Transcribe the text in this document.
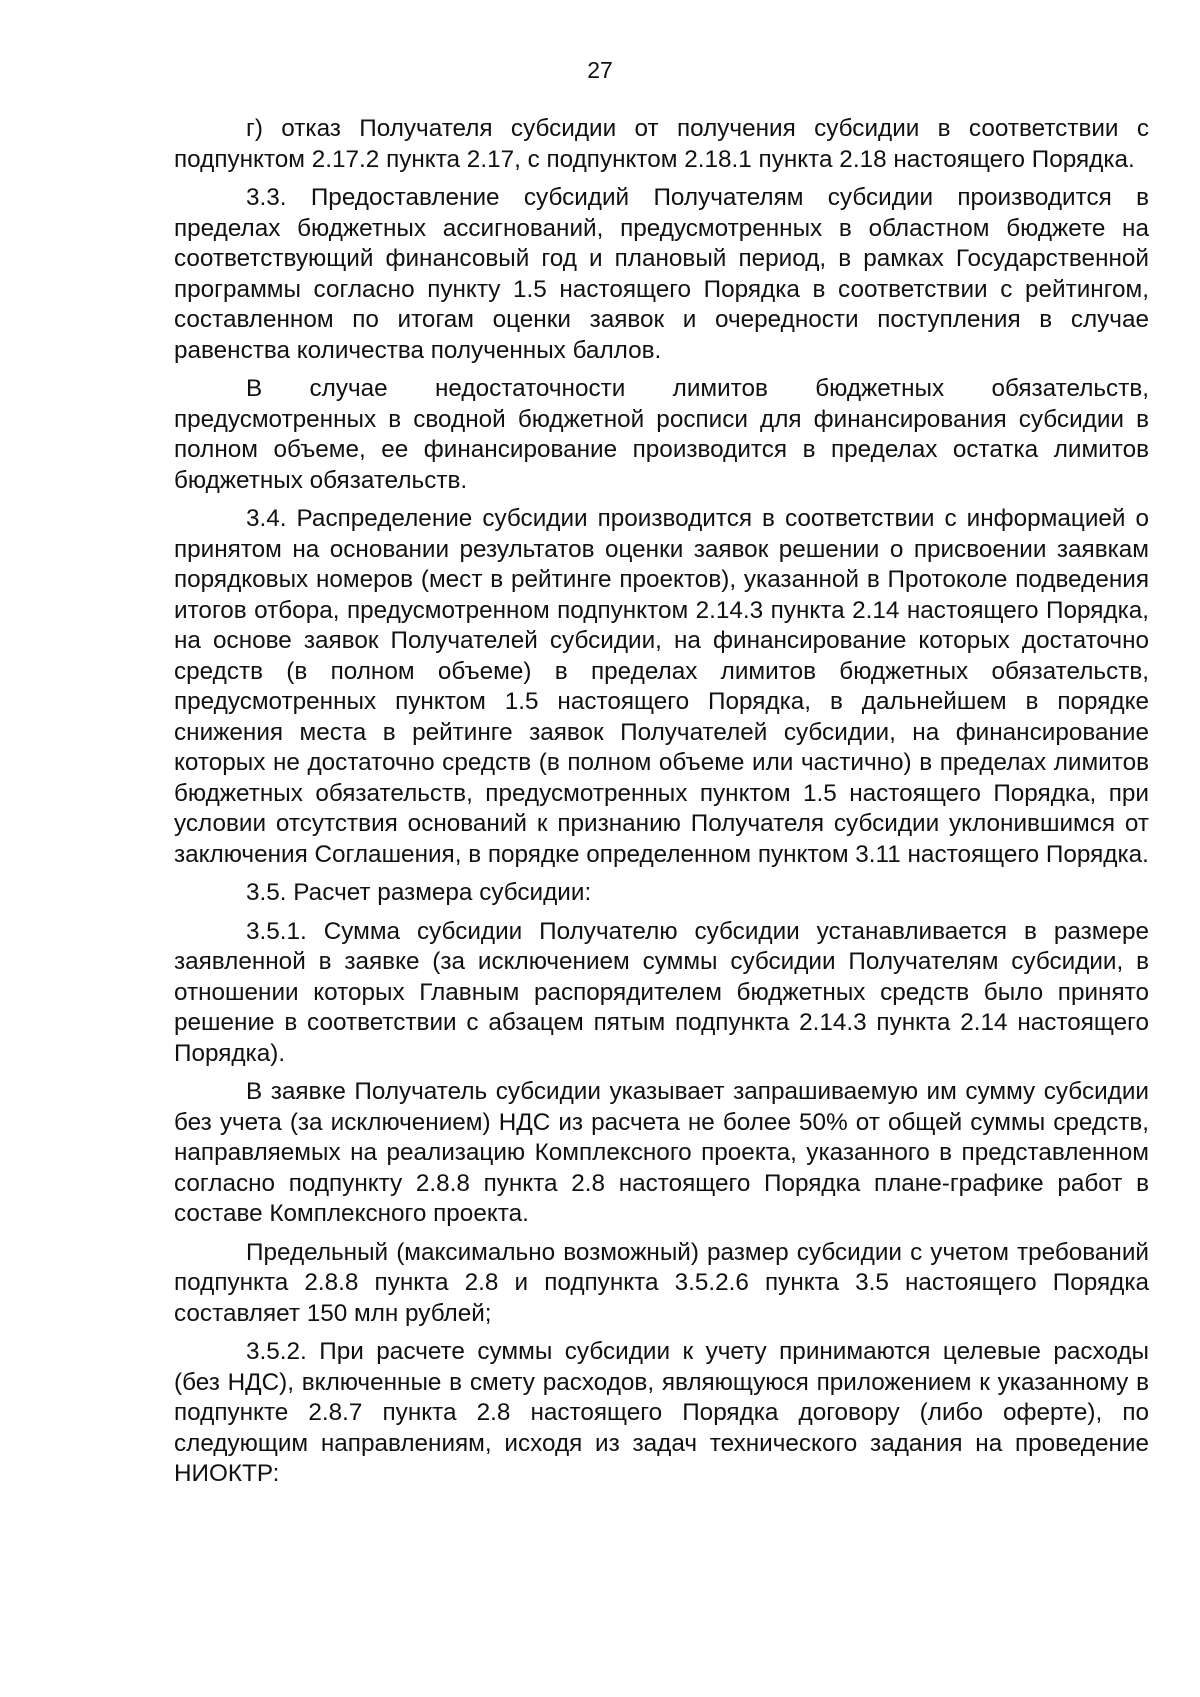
27

г) отказ Получателя субсидии от получения субсидии в соответствии с подпунктом 2.17.2 пункта 2.17, с подпунктом 2.18.1 пункта 2.18 настоящего Порядка.

3.3. Предоставление субсидий Получателям субсидии производится в пределах бюджетных ассигнований, предусмотренных в областном бюджете на соответствующий финансовый год и плановый период, в рамках Государственной программы согласно пункту 1.5 настоящего Порядка в соответствии с рейтингом, составленном по итогам оценки заявок и очередности поступления в случае равенства количества полученных баллов.

В случае недостаточности лимитов бюджетных обязательств, предусмотренных в сводной бюджетной росписи для финансирования субсидии в полном объеме, ее финансирование производится в пределах остатка лимитов бюджетных обязательств.

3.4. Распределение субсидии производится в соответствии с информацией о принятом на основании результатов оценки заявок решении о присвоении заявкам порядковых номеров (мест в рейтинге проектов), указанной в Протоколе подведения итогов отбора, предусмотренном подпунктом 2.14.3 пункта 2.14 настоящего Порядка, на основе заявок Получателей субсидии, на финансирование которых достаточно средств (в полном объеме) в пределах лимитов бюджетных обязательств, предусмотренных пунктом 1.5 настоящего Порядка, в дальнейшем в порядке снижения места в рейтинге заявок Получателей субсидии, на финансирование которых не достаточно средств (в полном объеме или частично) в пределах лимитов бюджетных обязательств, предусмотренных пунктом 1.5 настоящего Порядка, при условии отсутствия оснований к признанию Получателя субсидии уклонившимся от заключения Соглашения, в порядке определенном пунктом 3.11 настоящего Порядка.

3.5. Расчет размера субсидии:

3.5.1. Сумма субсидии Получателю субсидии устанавливается в размере заявленной в заявке (за исключением суммы субсидии Получателям субсидии, в отношении которых Главным распорядителем бюджетных средств было принято решение в соответствии с абзацем пятым подпункта 2.14.3 пункта 2.14 настоящего Порядка).

В заявке Получатель субсидии указывает запрашиваемую им сумму субсидии без учета (за исключением) НДС из расчета не более 50% от общей суммы средств, направляемых на реализацию Комплексного проекта, указанного в представленном согласно подпункту 2.8.8 пункта 2.8 настоящего Порядка плане-графике работ в составе Комплексного проекта.

Предельный (максимально возможный) размер субсидии с учетом требований подпункта 2.8.8 пункта 2.8 и подпункта 3.5.2.6 пункта 3.5 настоящего Порядка составляет 150 млн рублей;

3.5.2. При расчете суммы субсидии к учету принимаются целевые расходы (без НДС), включенные в смету расходов, являющуюся приложением к указанному в подпункте 2.8.7 пункта 2.8 настоящего Порядка договору (либо оферте), по следующим направлениям, исходя из задач технического задания на проведение НИОКТР:
